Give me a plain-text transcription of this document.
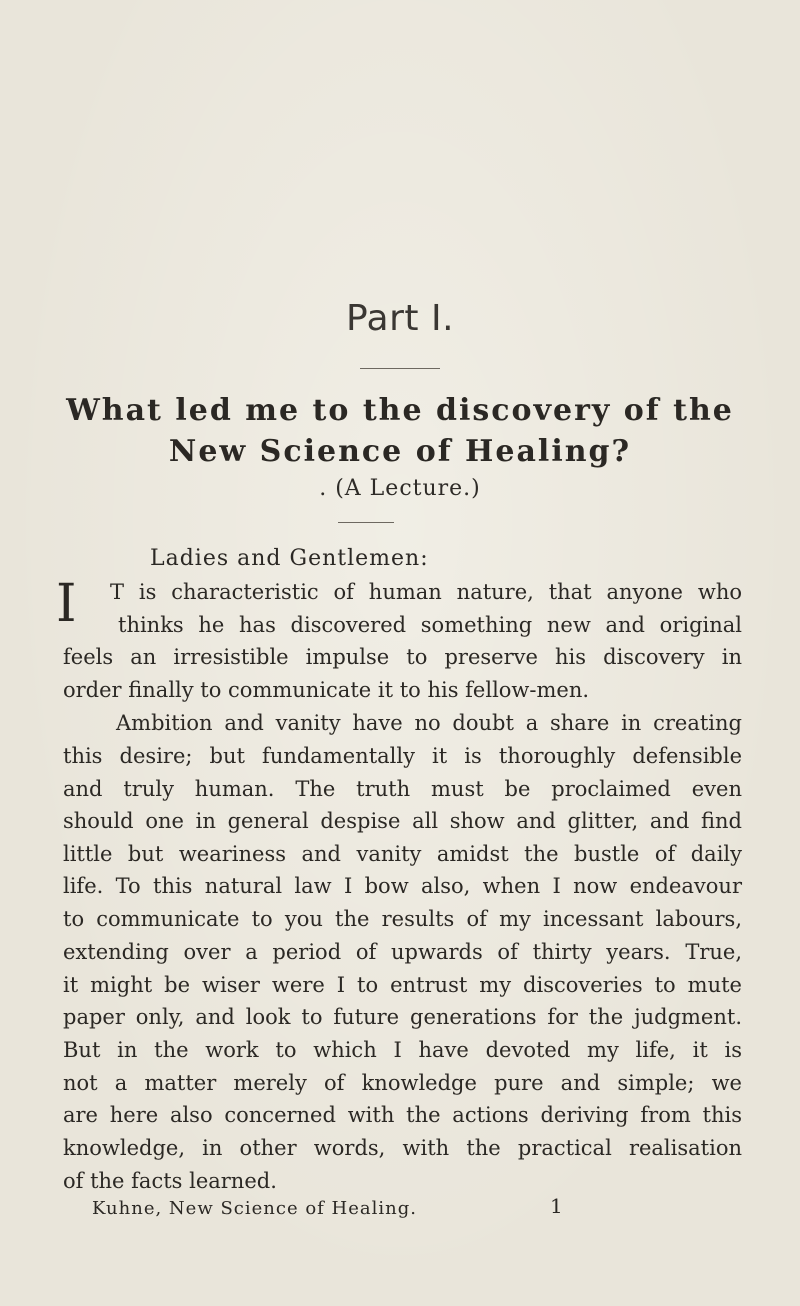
Part I.
What led me to the discovery of the New Science of Healing?
. (A Lecture.)
Ladies and Gentlemen:
I T is characteristic of human nature, that anyone who
thinks he has discovered something new and original
feels an irresistible impulse to preserve his discovery in
order finally to communicate it to his fellow-men.
Ambition and vanity have no doubt a share in creating
this desire; but fundamentally it is thoroughly defensible
and truly human. The truth must be proclaimed even
should one in general despise all show and glitter, and find
little but weariness and vanity amidst the bustle of daily
life. To this natural law I bow also, when I now endeavour
to communicate to you the results of my incessant labours,
extending over a period of upwards of thirty years. True,
it might be wiser were I to entrust my discoveries to mute
paper only, and look to future generations for the judgment.
But in the work to which I have devoted my life, it is
not a matter merely of knowledge pure and simple; we
are here also concerned with the actions deriving from this
knowledge, in other words, with the practical realisation
of the facts learned.
Kuhne, New Science of Healing.	1
